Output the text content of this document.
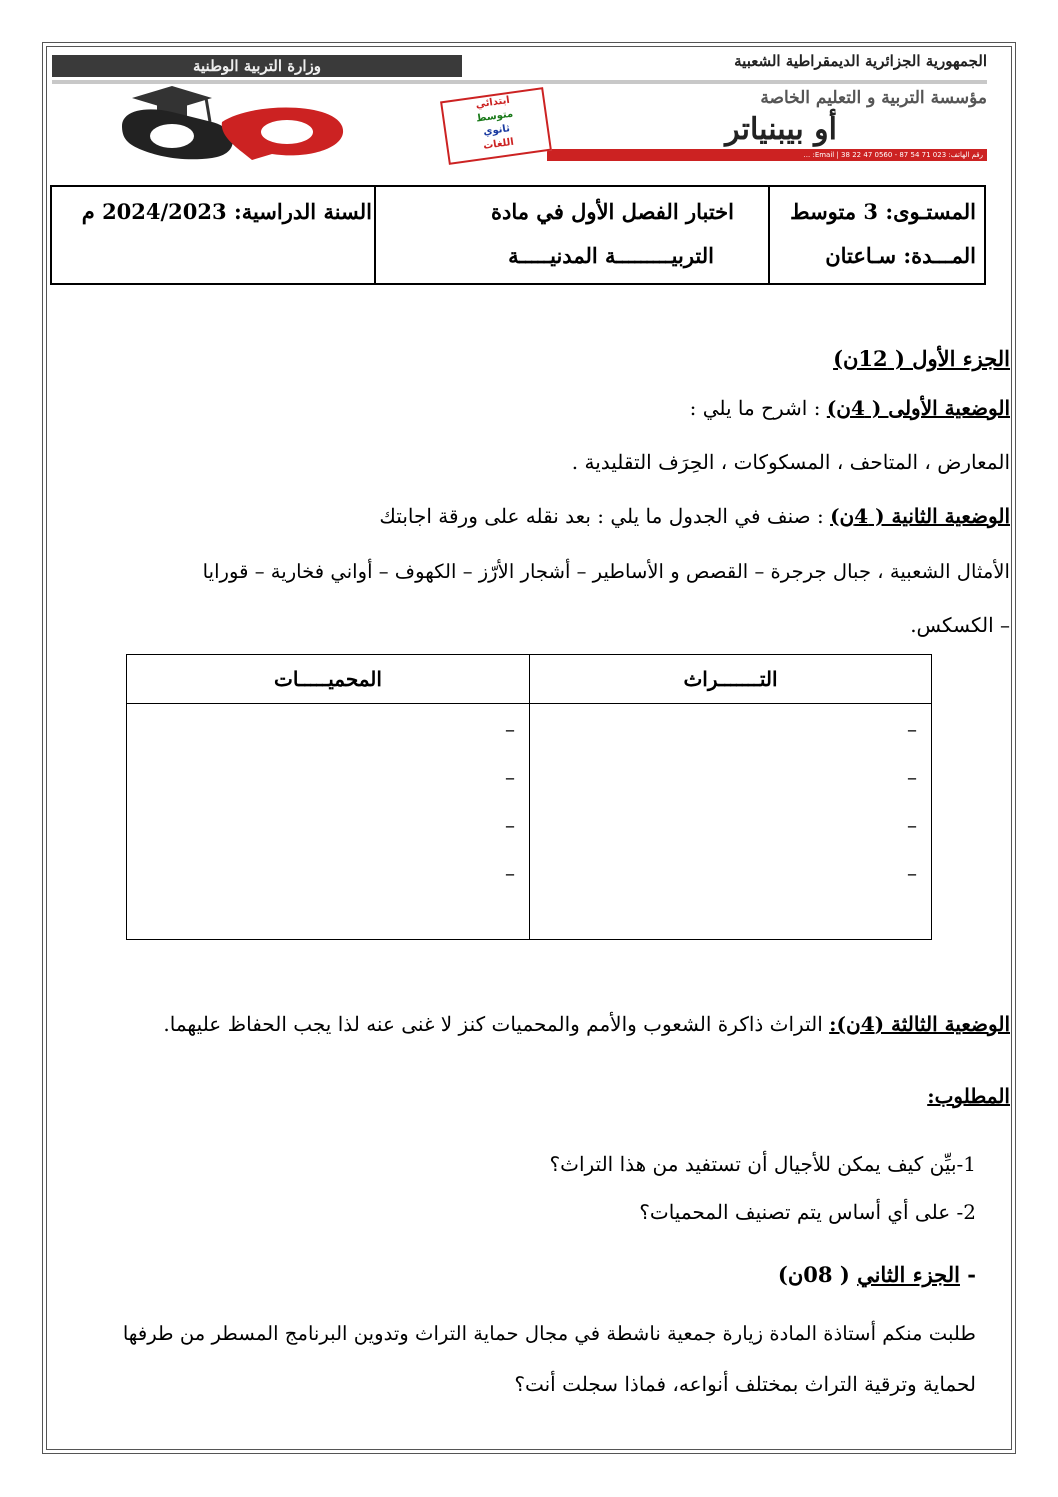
وزارة التربية الوطنية	الجمهورية الجزائرية الديمقراطية الشعبية
مؤسسة التربية و التعليم الخاصة
أو بيبنياتر
رقم الهاتف: 023 71 54 87 - 0560 47 22 38 | Email: ...
ابتدائي
متوسط
ثانوي
اللغات
المستـوى: 3 متوسط
المـــدة: سـاعتان
اختبار الفصل الأول في مادة
التربيـــــــــة المدنيـــــة
السنة الدراسية: 2024/2023 م
الجزء الأول ( 12ن)
الوضعية الأولى ( 4ن) : اشرح ما يلي :
المعارض ، المتاحف ، المسكوكات ، الحِرَف التقليدية .
الوضعية الثانية ( 4ن) : صنف في الجدول ما يلي : بعد نقله على ورقة اجابتك
الأمثال الشعبية ، جبال جرجرة – القصص و الأساطير – أشجار الأرّز – الكهوف – أواني فخارية – قورايا
– الكسكس.
التـــــــراث
–
–
–
–
المحميـــــات
–
–
–
–
الوضعية الثالثة (4ن): التراث ذاكرة الشعوب والأمم والمحميات كنز لا غنى عنه لذا يجب الحفاظ عليهما.
المطلوب:
1-بيِّن كيف يمكن للأجيال أن تستفيد من هذا التراث؟
2- على أي أساس يتم تصنيف المحميات؟
- الجزء الثاني ( 08ن)
طلبت منكم أستاذة المادة زيارة جمعية ناشطة في مجال حماية التراث وتدوين البرنامج المسطر من طرفها
لحماية وترقية التراث بمختلف أنواعه، فماذا سجلت أنت؟
